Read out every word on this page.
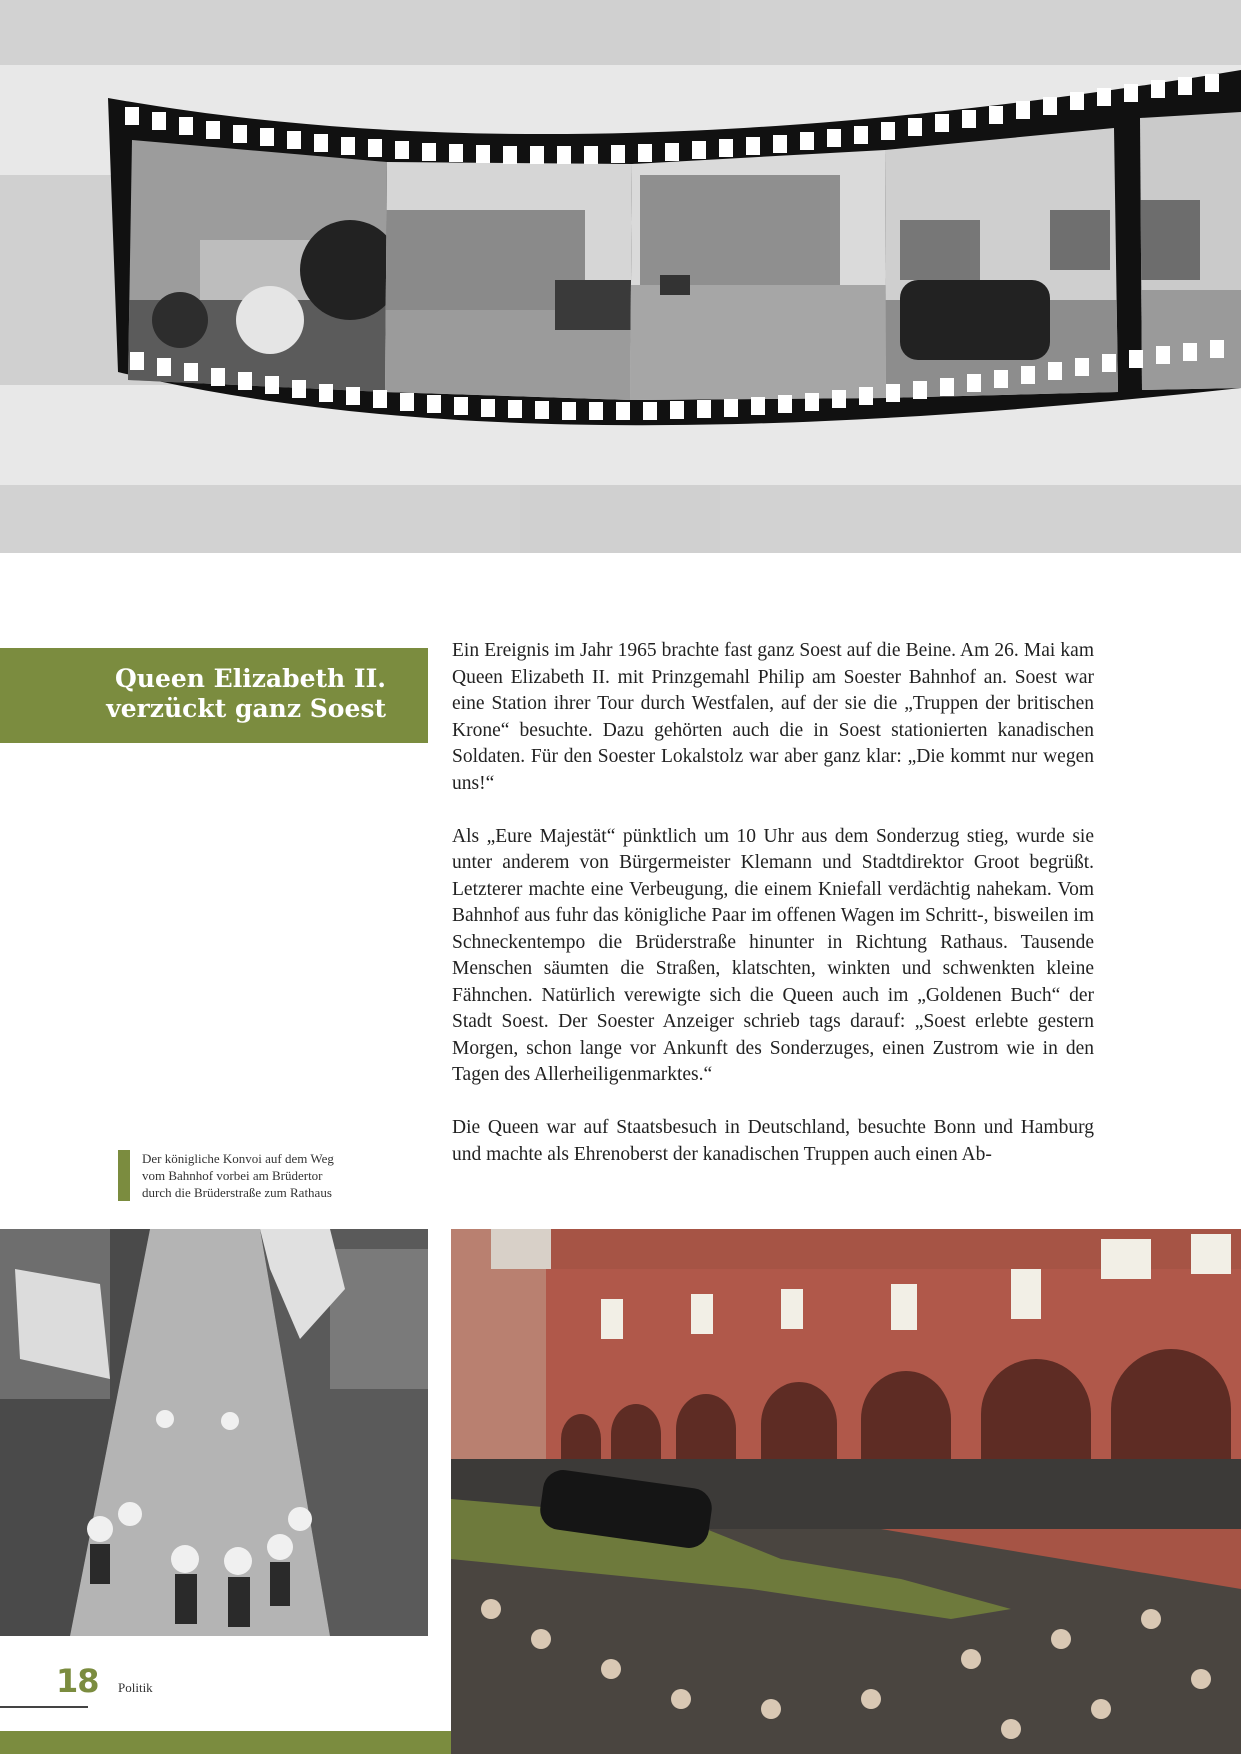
Queen Elizabeth II.
verzückt ganz Soest

Ein Ereignis im Jahr 1965 brachte fast ganz Soest auf die Beine. Am 26. Mai kam Queen Elizabeth II. mit Prinzgemahl Philip am Soester Bahnhof an. Soest war eine Station ihrer Tour durch Westfalen, auf der sie die „Truppen der britischen Krone“ besuchte. Dazu gehörten auch die in Soest stationierten kanadischen Soldaten. Für den Soester Lokalstolz war aber ganz klar: „Die kommt nur wegen uns!“

Als „Eure Majestät“ pünktlich um 10 Uhr aus dem Sonderzug stieg, wurde sie unter anderem von Bürgermeister Klemann und Stadtdirektor Groot begrüßt. Letzterer machte eine Verbeugung, die einem Kniefall verdächtig nahekam. Vom Bahnhof aus fuhr das königliche Paar im offenen Wagen im Schritt-, bisweilen im Schneckentempo die Brüderstraße hinunter in Richtung Rathaus. Tausende Menschen säumten die Straßen, klatschten, winkten und schwenkten kleine Fähnchen. Natürlich verewigte sich die Queen auch im „Goldenen Buch“ der Stadt Soest. Der Soester Anzeiger schrieb tags darauf: „Soest erlebte gestern Morgen, schon lange vor Ankunft des Sonderzuges, einen Zustrom wie in den Tagen des Allerheiligenmarktes.“

Die Queen war auf Staatsbesuch in Deutschland, besuchte Bonn und Hamburg und machte als Ehrenoberst der kanadischen Truppen auch einen Ab-

Der königliche Konvoi auf dem Weg
vom Bahnhof vorbei am Brüdertor
durch die Brüderstraße zum Rathaus
18 Politik
